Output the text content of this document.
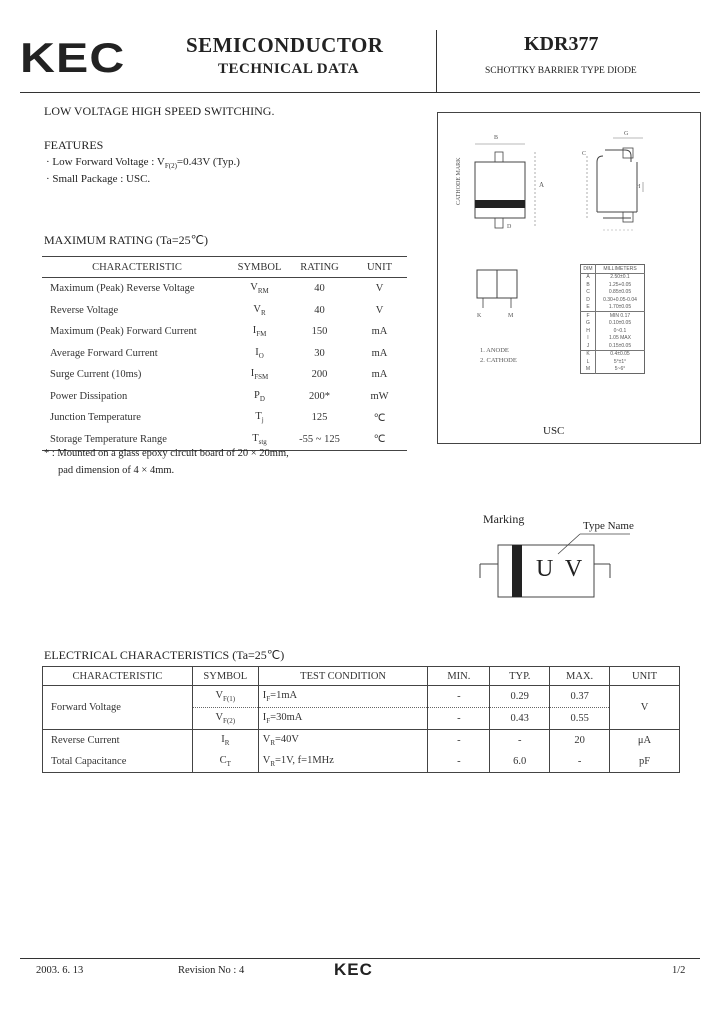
KEC	SEMICONDUCTOR
TECHNICAL DATA
KDR377
SCHOTTKY BARRIER TYPE DIODE
LOW VOLTAGE HIGH SPEED SWITCHING.
FEATURES
· Low Forward Voltage : $V_{F(2)}=0.43V$ (Typ.)
· Small Package : USC.
MAXIMUM RATING (Ta=25℃)
CHARACTERISTIC	SYMBOL	RATING	UNIT
Maximum (Peak) Reverse Voltage	$V_{RM}$	40	V
Reverse Voltage	$V_R$	40	V
Maximum (Peak) Forward Current	$I_{FM}$	150	mA
Average Forward Current	$I_O$	30	mA
Surge Current (10ms)	$I_{FSM}$	200	mA
Power Dissipation	$P_D$	200*	mW
Junction Temperature	$T_j$	125	℃
Storage Temperature Range	$T_{stg}$	-55 ~ 125	℃
* : Mounted on a glass epoxy circuit board of 20 × 20mm,
pad dimension of 4 × 4mm.
CATHODE MARK
B
A
D
G
C
H
K	M
1. ANODE
2. CATHODE
USC
DIM	MILLIMETERS
A	2.50±0.1
B	1.25+0.05
C	0.85±0.05
D	0.30+0.05-0.04
E	1.70±0.05
F	MIN 0.17
G	0.10±0.05
H	0~0.1
I	1.05 MAX
J	0.15±0.05
K	0.4±0.05
L	5°±1°
M	5~6°
Marking	Type Name
U V
ELECTRICAL CHARACTERISTICS (Ta=25℃)
CHARACTERISTIC	SYMBOL	TEST CONDITION	MIN.	TYP.	MAX.	UNIT
Forward Voltage	$V_{F(1)}$	$I_F=1mA$	-	0.29	0.37	V
	$V_{F(2)}$	$I_F=30mA$	-	0.43	0.55	
Reverse Current	$I_R$	$V_R=40V$	-	-	20	μA
Total Capacitance	$C_T$	$V_R=1V$, f=1MHz	-	6.0	-	pF
2003. 6. 13	Revision No : 4	KEC	1/2
